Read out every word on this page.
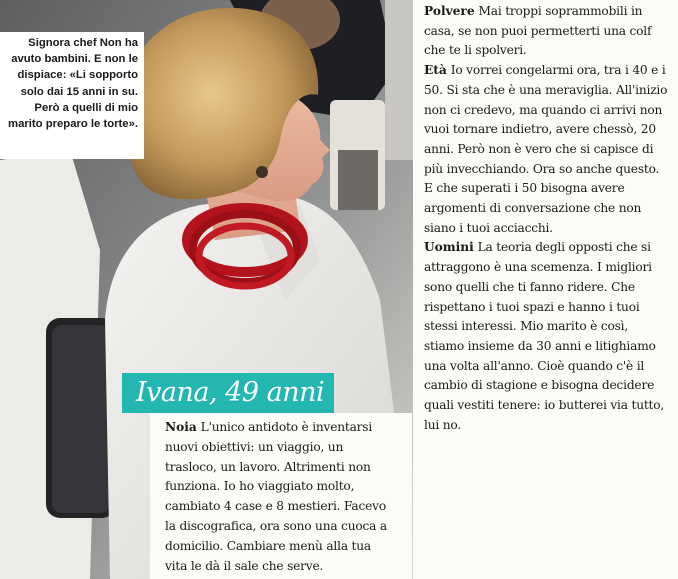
Signora chef Non ha avuto bambini. E non le dispiace: «Li sopporto solo dai 15 anni in su. Però a quelli di mio marito preparo le torte».
Ivana, 49 anni

Noia L'unico antidoto è inventarsi nuovi obiettivi: un viaggio, un trasloco, un lavoro. Altrimenti non funziona. Io ho viaggiato molto, cambiato 4 case e 8 mestieri. Facevo la discografica, ora sono una cuoca a domicilio. Cambiare menù alla tua vita le dà il sale che serve.

Polvere Mai troppi soprammobili in casa, se non puoi permetterti una colf che te li spolveri.

Età Io vorrei congelarmi ora, tra i 40 e i 50. Si sta che è una meraviglia. All'inizio non ci credevo, ma quando ci arrivi non vuoi tornare indietro, avere chessò, 20 anni. Però non è vero che si capisce di più invecchiando. Ora so anche questo. E che superati i 50 bisogna avere argomenti di conversazione che non siano i tuoi acciacchi.

Uomini La teoria degli opposti che si attraggono è una scemenza. I migliori sono quelli che ti fanno ridere. Che rispettano i tuoi spazi e hanno i tuoi stessi interessi. Mio marito è così, stiamo insieme da 30 anni e litighiamo una volta all'anno. Cioè quando c'è il cambio di stagione e bisogna decidere quali vestiti tenere: io butterei via tutto, lui no.
